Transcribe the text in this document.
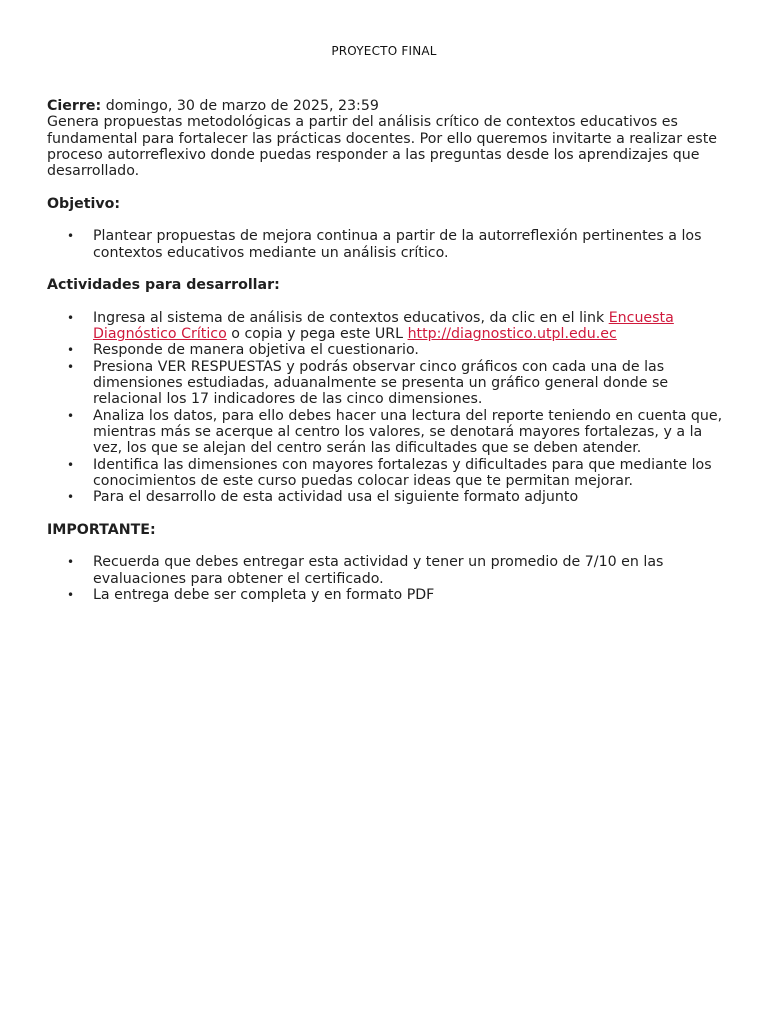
PROYECTO FINAL

Cierre: domingo, 30 de marzo de 2025, 23:59

Genera propuestas metodológicas a partir del análisis crítico de contextos educativos es fundamental para fortalecer las prácticas docentes. Por ello queremos invitarte a realizar este proceso autorreflexivo donde puedas responder a las preguntas desde los aprendizajes que desarrollado.

Objetivo:

• Plantear propuestas de mejora continua a partir de la autorreflexión pertinentes a los contextos educativos mediante un análisis crítico.

Actividades para desarrollar:

• Ingresa al sistema de análisis de contextos educativos, da clic en el link Encuesta Diagnóstico Crítico o copia y pega este URL http://diagnostico.utpl.edu.ec
• Responde de manera objetiva el cuestionario.
• Presiona VER RESPUESTAS y podrás observar cinco gráficos con cada una de las dimensiones estudiadas, aduanalmente se presenta un gráfico general donde se relacional los 17 indicadores de las cinco dimensiones.
• Analiza los datos, para ello debes hacer una lectura del reporte teniendo en cuenta que, mientras más se acerque al centro los valores, se denotará mayores fortalezas, y a la vez, los que se alejan del centro serán las dificultades que se deben atender.
• Identifica las dimensiones con mayores fortalezas y dificultades para que mediante los conocimientos de este curso puedas colocar ideas que te permitan mejorar.
• Para el desarrollo de esta actividad usa el siguiente formato adjunto

IMPORTANTE:

• Recuerda que debes entregar esta actividad y tener un promedio de 7/10 en las evaluaciones para obtener el certificado.
• La entrega debe ser completa y en formato PDF
